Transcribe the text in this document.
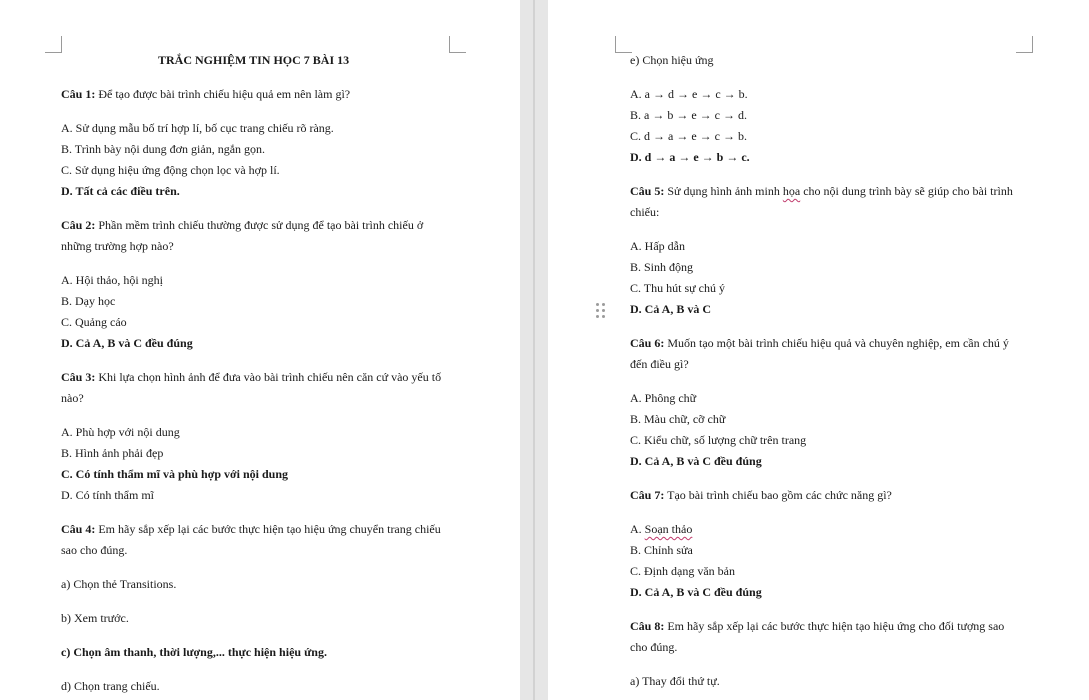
TRẮC NGHIỆM TIN HỌC 7 BÀI 13
Câu 1: Để tạo được bài trình chiếu hiệu quả em nên làm gì?
A. Sử dụng mẫu bố trí hợp lí, bố cục trang chiếu rõ ràng.
B. Trình bày nội dung đơn giản, ngắn gọn.
C. Sử dụng hiệu ứng động chọn lọc và hợp lí.
D. Tất cả các điều trên.
Câu 2: Phần mềm trình chiếu thường được sử dụng để tạo bài trình chiếu ở
những trường hợp nào?
A. Hội thảo, hội nghị
B. Dạy học
C. Quảng cáo
D. Cả A, B và C đều đúng
Câu 3: Khi lựa chọn hình ảnh để đưa vào bài trình chiếu nên căn cứ vào yếu tố
nào?
A. Phù hợp với nội dung
B. Hình ảnh phải đẹp
C. Có tính thẩm mĩ và phù hợp với nội dung
D. Có tính thẩm mĩ
Câu 4: Em hãy sắp xếp lại các bước thực hiện tạo hiệu ứng chuyển trang chiếu
sao cho đúng.
a) Chọn thẻ Transitions.
b) Xem trước.
c) Chọn âm thanh, thời lượng,... thực hiện hiệu ứng.
d) Chọn trang chiếu.
e) Chọn hiệu ứng
A. a → d → e → c → b.
B. a → b → e → c → d.
C. d → a → e → c → b.
D. d → a → e → b → c.
Câu 5: Sử dụng hình ảnh minh họa cho nội dung trình bày sẽ giúp cho bài trình
chiếu:
A. Hấp dẫn
B. Sinh động
C. Thu hút sự chú ý
D. Cả A, B và C
Câu 6: Muốn tạo một bài trình chiếu hiệu quả và chuyên nghiệp, em cần chú ý
đến điều gì?
A. Phông chữ
B. Màu chữ, cỡ chữ
C. Kiểu chữ, số lượng chữ trên trang
D. Cả A, B và C đều đúng
Câu 7: Tạo bài trình chiếu bao gồm các chức năng gì?
A. Soạn thảo
B. Chỉnh sửa
C. Định dạng văn bản
D. Cả A, B và C đều đúng
Câu 8: Em hãy sắp xếp lại các bước thực hiện tạo hiệu ứng cho đối tượng sao
cho đúng.
a) Thay đổi thứ tự.
